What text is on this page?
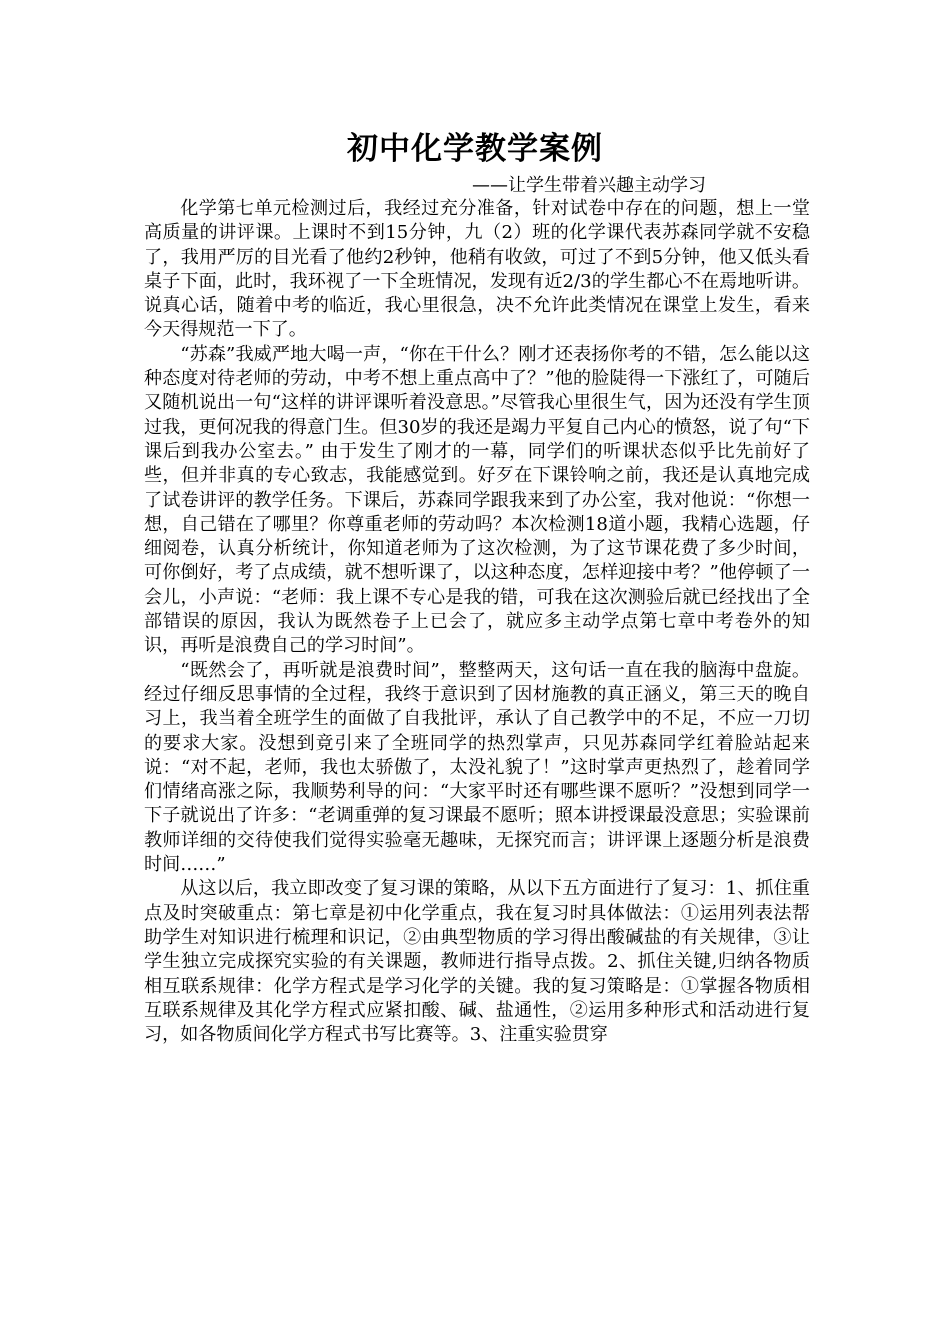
初中化学教学案例
——让学生带着兴趣主动学习

化学第七单元检测过后，我经过充分准备，针对试卷中存在的问题，想上一堂高质量的讲评课。上课时不到15分钟，九（2）班的化学课代表苏森同学就不安稳了，我用严厉的目光看了他约2秒钟，他稍有收敛，可过了不到5分钟，他又低头看桌子下面，此时，我环视了一下全班情况，发现有近2/3的学生都心不在焉地听讲。说真心话，随着中考的临近，我心里很急，决不允许此类情况在课堂上发生，看来今天得规范一下了。

“苏森”我威严地大喝一声，“你在干什么？刚才还表扬你考的不错，怎么能以这种态度对待老师的劳动，中考不想上重点高中了？”他的脸陡得一下涨红了，可随后又随机说出一句“这样的讲评课听着没意思。”尽管我心里很生气，因为还没有学生顶过我，更何况我的得意门生。但30岁的我还是竭力平复自己内心的愤怒，说了句“下课后到我办公室去。” 由于发生了刚才的一幕，同学们的听课状态似乎比先前好了些，但并非真的专心致志，我能感觉到。好歹在下课铃响之前，我还是认真地完成了试卷讲评的教学任务。下课后，苏森同学跟我来到了办公室，我对他说：“你想一想，自己错在了哪里？你尊重老师的劳动吗？本次检测18道小题，我精心选题，仔细阅卷，认真分析统计，你知道老师为了这次检测，为了这节课花费了多少时间，可你倒好，考了点成绩，就不想听课了，以这种态度，怎样迎接中考？”他停顿了一会儿，小声说：“老师：我上课不专心是我的错，可我在这次测验后就已经找出了全部错误的原因，我认为既然卷子上已会了，就应多主动学点第七章中考卷外的知识，再听是浪费自己的学习时间”。

“既然会了，再听就是浪费时间”，整整两天，这句话一直在我的脑海中盘旋。经过仔细反思事情的全过程，我终于意识到了因材施教的真正涵义，第三天的晚自习上，我当着全班学生的面做了自我批评，承认了自己教学中的不足，不应一刀切的要求大家。没想到竟引来了全班同学的热烈掌声，只见苏森同学红着脸站起来说：“对不起，老师，我也太骄傲了，太没礼貌了！”这时掌声更热烈了，趁着同学们情绪高涨之际，我顺势利导的问：“大家平时还有哪些课不愿听？”没想到同学一下子就说出了许多：“老调重弹的复习课最不愿听；照本讲授课最没意思；实验课前教师详细的交待使我们觉得实验毫无趣味，无探究而言；讲评课上逐题分析是浪费时间……”

从这以后，我立即改变了复习课的策略，从以下五方面进行了复习：1、抓住重点及时突破重点：第七章是初中化学重点，我在复习时具体做法：①运用列表法帮助学生对知识进行梳理和识记，②由典型物质的学习得出酸碱盐的有关规律，③让学生独立完成探究实验的有关课题，教师进行指导点拨。2、抓住关键,归纳各物质相互联系规律：化学方程式是学习化学的关键。我的复习策略是：①掌握各物质相互联系规律及其化学方程式应紧扣酸、碱、盐通性，②运用多种形式和活动进行复习，如各物质间化学方程式书写比赛等。3、注重实验贯穿
